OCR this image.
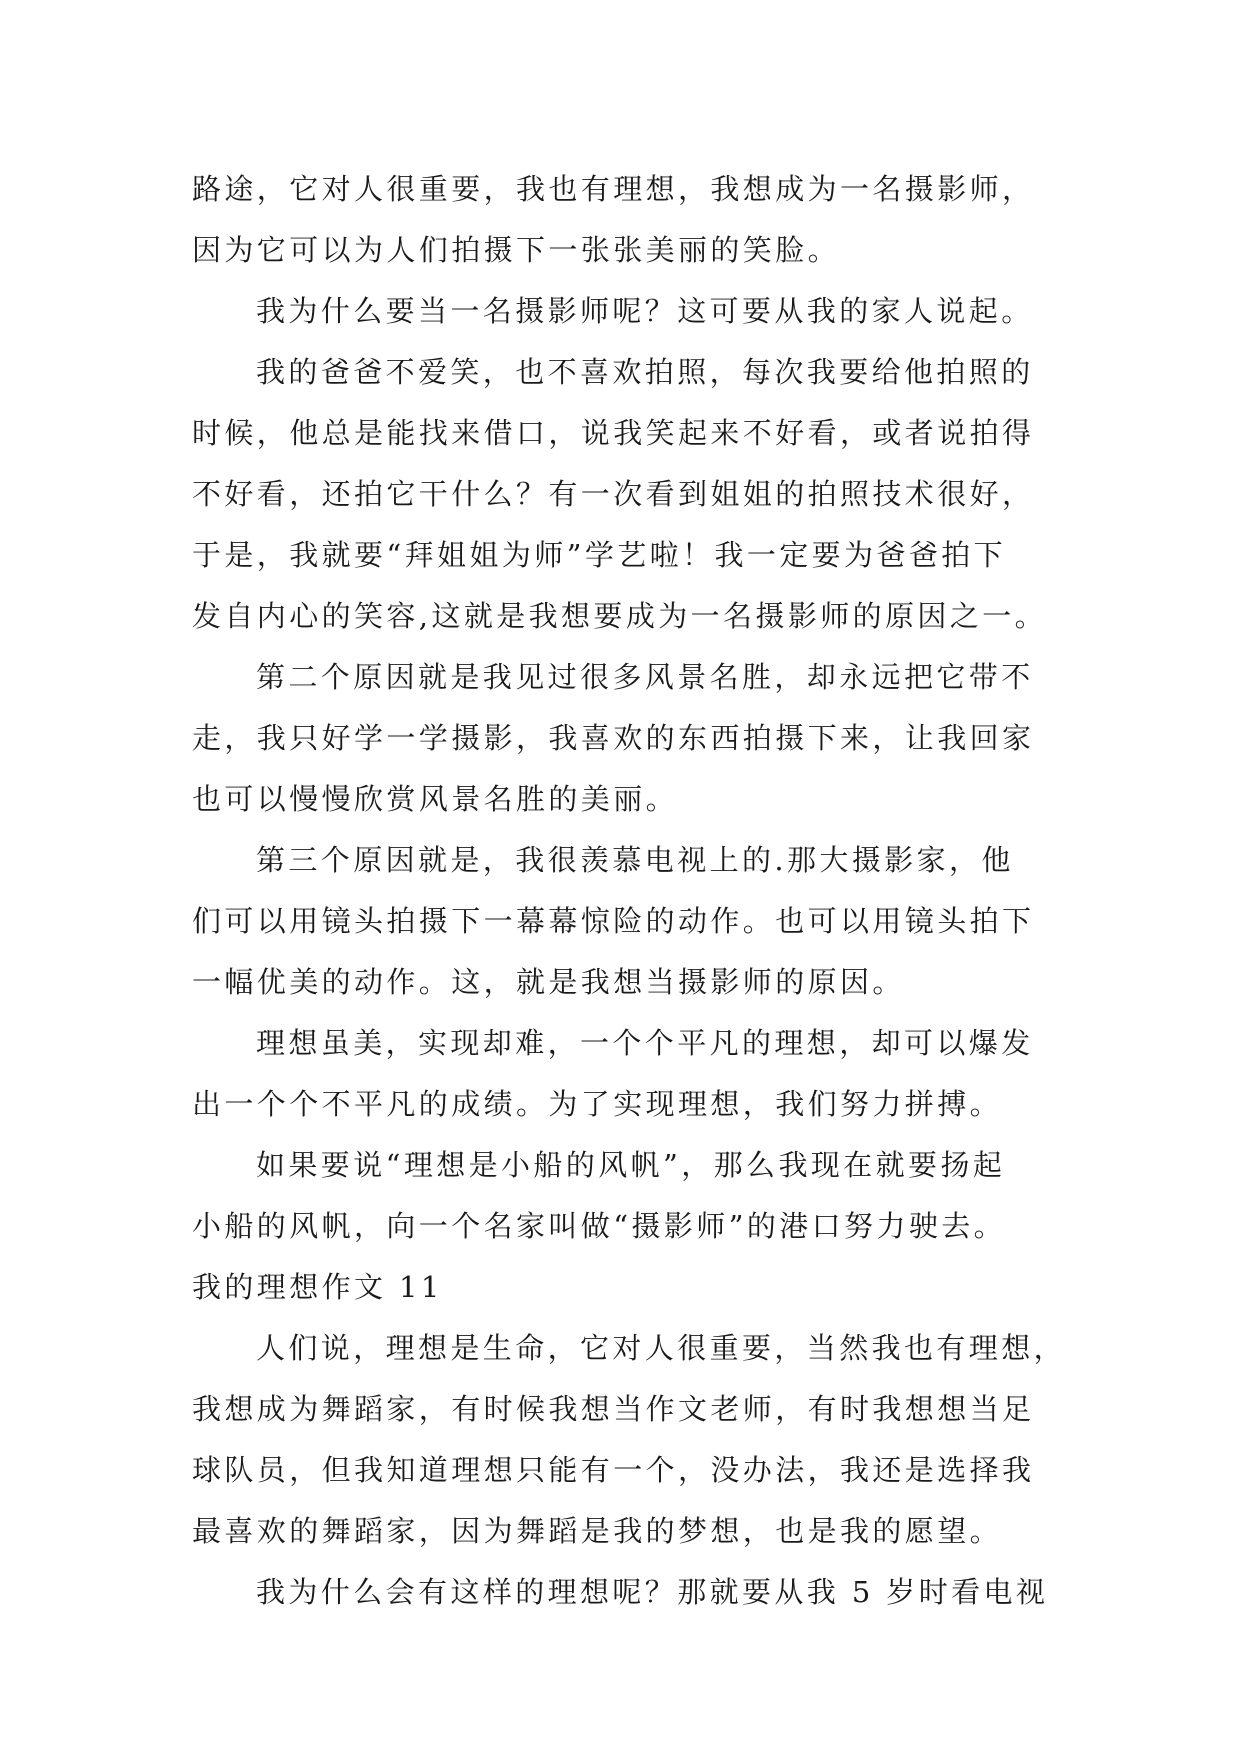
路途，它对人很重要，我也有理想，我想成为一名摄影师，
因为它可以为人们拍摄下一张张美丽的笑脸。
我为什么要当一名摄影师呢？这可要从我的家人说起。
我的爸爸不爱笑，也不喜欢拍照，每次我要给他拍照的
时候，他总是能找来借口，说我笑起来不好看，或者说拍得
不好看，还拍它干什么？有一次看到姐姐的拍照技术很好，
于是，我就要“拜姐姐为师”学艺啦！我一定要为爸爸拍下
发自内心的笑容,这就是我想要成为一名摄影师的原因之一。
第二个原因就是我见过很多风景名胜，却永远把它带不
走，我只好学一学摄影，我喜欢的东西拍摄下来，让我回家
也可以慢慢欣赏风景名胜的美丽。
第三个原因就是，我很羡慕电视上的.那大摄影家，他
们可以用镜头拍摄下一幕幕惊险的动作。也可以用镜头拍下
一幅优美的动作。这，就是我想当摄影师的原因。
理想虽美，实现却难，一个个平凡的理想，却可以爆发
出一个个不平凡的成绩。为了实现理想，我们努力拼搏。
如果要说“理想是小船的风帆”，那么我现在就要扬起
小船的风帆，向一个名家叫做“摄影师”的港口努力驶去。
我的理想作文 11
人们说，理想是生命，它对人很重要，当然我也有理想，
我想成为舞蹈家，有时候我想当作文老师，有时我想想当足
球队员，但我知道理想只能有一个，没办法，我还是选择我
最喜欢的舞蹈家，因为舞蹈是我的梦想，也是我的愿望。
我为什么会有这样的理想呢？那就要从我 5 岁时看电视
